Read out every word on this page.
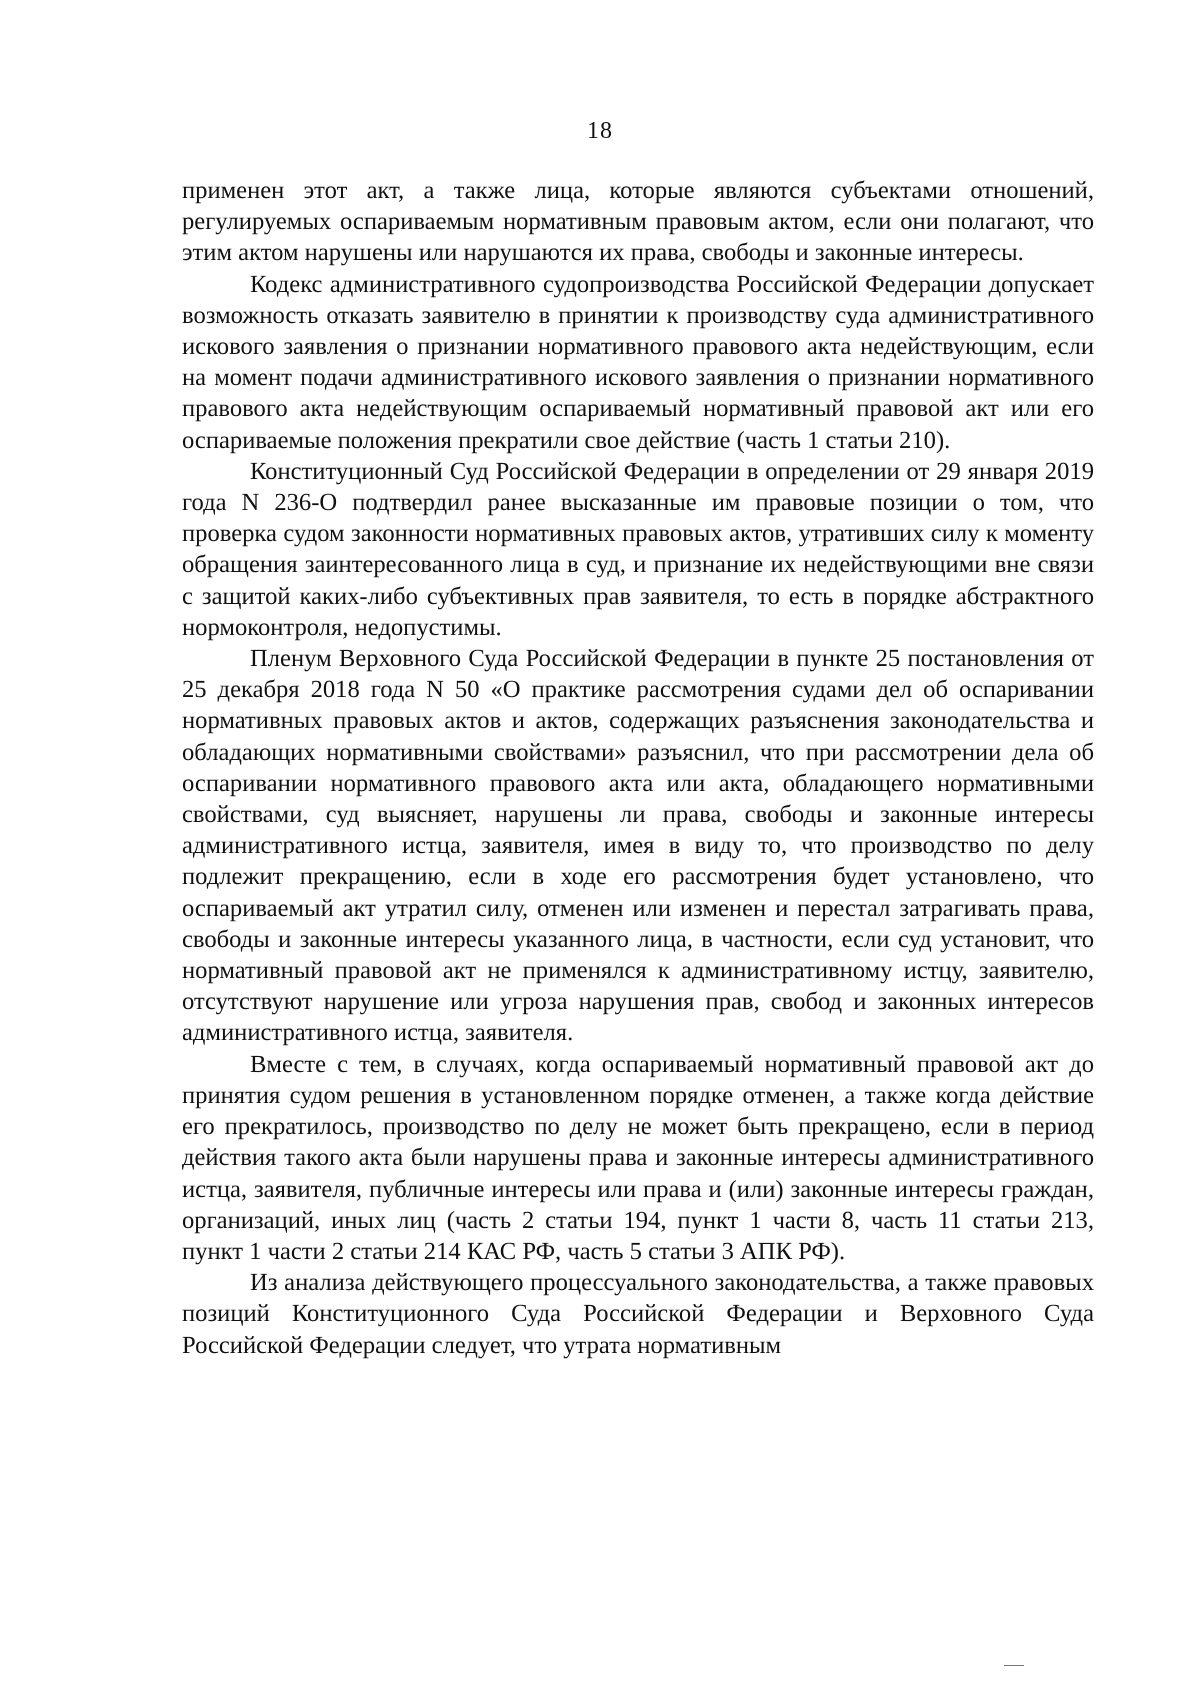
18

применен этот акт, а также лица, которые являются субъектами отношений, регулируемых оспариваемым нормативным правовым актом, если они полагают, что этим актом нарушены или нарушаются их права, свободы и законные интересы.

Кодекс административного судопроизводства Российской Федерации допускает возможность отказать заявителю в принятии к производству суда административного искового заявления о признании нормативного правового акта недействующим, если на момент подачи административного искового заявления о признании нормативного правового акта недействующим оспариваемый нормативный правовой акт или его оспариваемые положения прекратили свое действие (часть 1 статьи 210).

Конституционный Суд Российской Федерации в определении от 29 января 2019 года N 236-О подтвердил ранее высказанные им правовые позиции о том, что проверка судом законности нормативных правовых актов, утративших силу к моменту обращения заинтересованного лица в суд, и признание их недействующими вне связи с защитой каких-либо субъективных прав заявителя, то есть в порядке абстрактного нормоконтроля, недопустимы.

Пленум Верховного Суда Российской Федерации в пункте 25 постановления от 25 декабря 2018 года N 50 «О практике рассмотрения судами дел об оспаривании нормативных правовых актов и актов, содержащих разъяснения законодательства и обладающих нормативными свойствами» разъяснил, что при рассмотрении дела об оспаривании нормативного правового акта или акта, обладающего нормативными свойствами, суд выясняет, нарушены ли права, свободы и законные интересы административного истца, заявителя, имея в виду то, что производство по делу подлежит прекращению, если в ходе его рассмотрения будет установлено, что оспариваемый акт утратил силу, отменен или изменен и перестал затрагивать права, свободы и законные интересы указанного лица, в частности, если суд установит, что нормативный правовой акт не применялся к административному истцу, заявителю, отсутствуют нарушение или угроза нарушения прав, свобод и законных интересов административного истца, заявителя.

Вместе с тем, в случаях, когда оспариваемый нормативный правовой акт до принятия судом решения в установленном порядке отменен, а также когда действие его прекратилось, производство по делу не может быть прекращено, если в период действия такого акта были нарушены права и законные интересы административного истца, заявителя, публичные интересы или права и (или) законные интересы граждан, организаций, иных лиц (часть 2 статьи 194, пункт 1 части 8, часть 11 статьи 213, пункт 1 части 2 статьи 214 КАС РФ, часть 5 статьи 3 АПК РФ).

Из анализа действующего процессуального законодательства, а также правовых позиций Конституционного Суда Российской Федерации и Верховного Суда Российской Федерации следует, что утрата нормативным
